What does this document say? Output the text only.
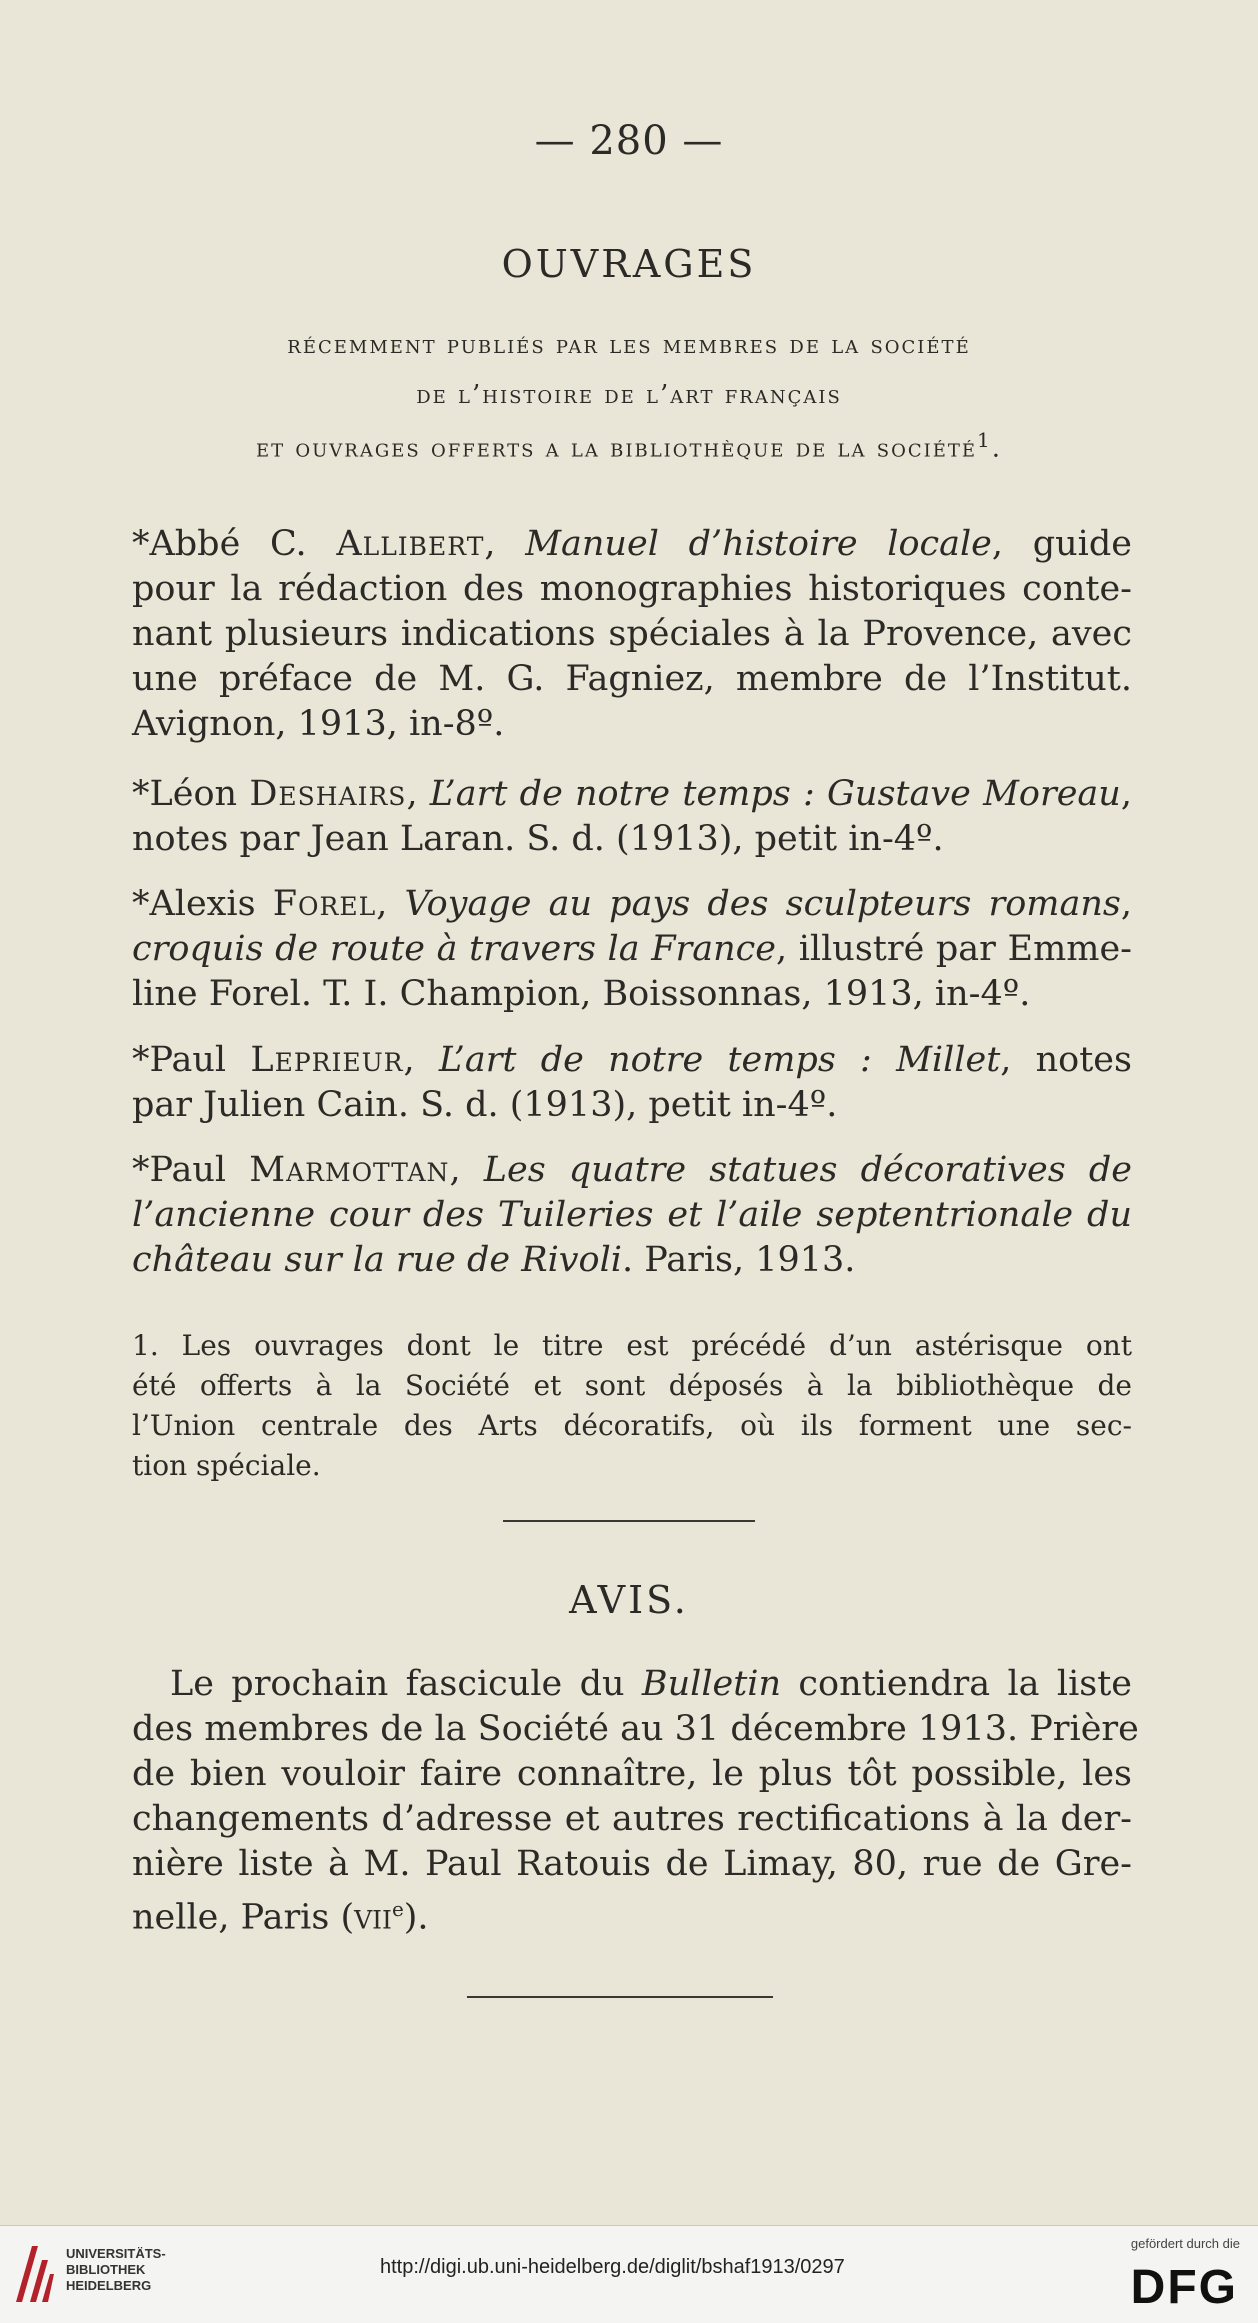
— 280 —
OUVRAGES
récemment publiés par les membres de la société
de l’histoire de l’art français
et ouvrages offerts a la bibliothèque de la société$^1$.
*Abbé C. Allibert, Manuel d’histoire locale, guide
pour la rédaction des monographies historiques conte-
nant plusieurs indications spéciales à la Provence, avec
une préface de M. G. Fagniez, membre de l’Institut.
Avignon, 1913, in-8º.
*Léon Deshairs, L’art de notre temps : Gustave Moreau,
notes par Jean Laran. S. d. (1913), petit in-4º.
*Alexis Forel, Voyage au pays des sculpteurs romans,
croquis de route à travers la France, illustré par Emme-
line Forel. T. I. Champion, Boissonnas, 1913, in-4º.
*Paul Leprieur, L’art de notre temps : Millet, notes
par Julien Cain. S. d. (1913), petit in-4º.
*Paul Marmottan, Les quatre statues décoratives de
l’ancienne cour des Tuileries et l’aile septentrionale du
château sur la rue de Rivoli. Paris, 1913.
1. Les ouvrages dont le titre est précédé d’un astérisque ont
été offerts à la Société et sont déposés à la bibliothèque de
l’Union centrale des Arts décoratifs, où ils forment une sec-
tion spéciale.
AVIS.
Le prochain fascicule du Bulletin contiendra la liste
des membres de la Société au 31 décembre 1913. Prière
de bien vouloir faire connaître, le plus tôt possible, les
changements d’adresse et autres rectifications à la der-
nière liste à M. Paul Ratouis de Limay, 80, rue de Gre-
nelle, Paris (vii$^e$).
UNIVERSITÄTS-
BIBLIOTHEK
HEIDELBERG
http://digi.ub.uni-heidelberg.de/diglit/bshaf1913/0297
gefördert durch die
DFG
